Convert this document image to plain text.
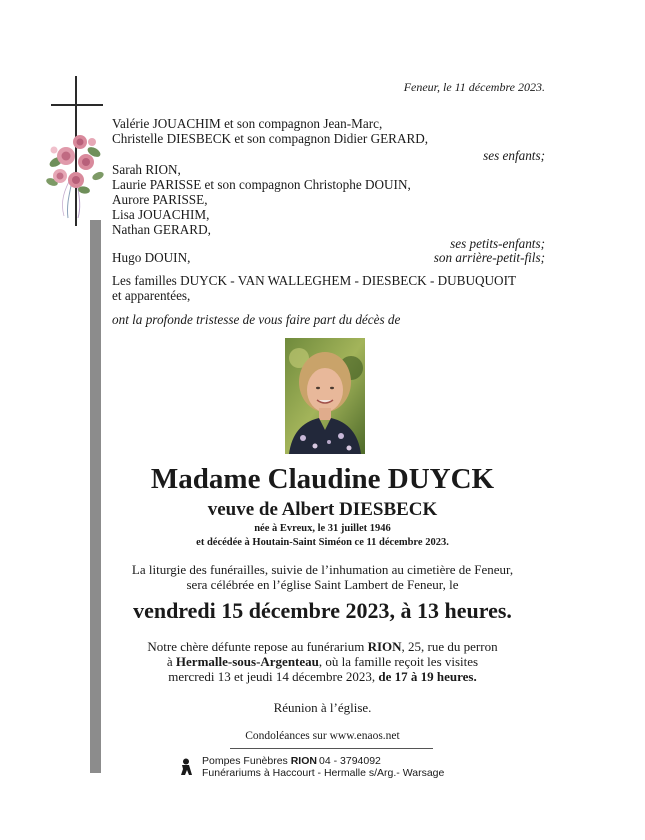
Feneur, le 11 décembre 2023.
Valérie JOUACHIM et son compagnon Jean-Marc,
Christelle DIESBECK et son compagnon Didier GERARD,
ses enfants;
Sarah RION,
Laurie PARISSE et son compagnon Christophe DOUIN,
Aurore PARISSE,
Lisa JOUACHIM,
Nathan GERARD,
ses petits-enfants;
Hugo DOUIN,	son arrière-petit-fils;
Les familles DUYCK - VAN WALLEGHEM - DIESBECK - DUBUQUOIT
et apparentées,
ont la profonde tristesse de vous faire part du décès de
Madame Claudine DUYCK
veuve de Albert DIESBECK
née à Evreux, le 31 juillet 1946
et décédée à Houtain-Saint Siméon ce 11 décembre 2023.
La liturgie des funérailles, suivie de l’inhumation au cimetière de Feneur,
sera célébrée en l’église Saint Lambert de Feneur, le
vendredi 15 décembre 2023, à 13 heures.
Notre chère défunte repose au funérarium RION, 25, rue du perron
à Hermalle-sous-Argenteau, où la famille reçoit les visites
mercredi 13 et jeudi 14 décembre 2023, de 17 à 19 heures.
Réunion à l’église.
Condoléances sur www.enaos.net
Pompes Funèbres RION 04 - 3794092
Funérariums à Haccourt - Hermalle s/Arg.- Warsage
